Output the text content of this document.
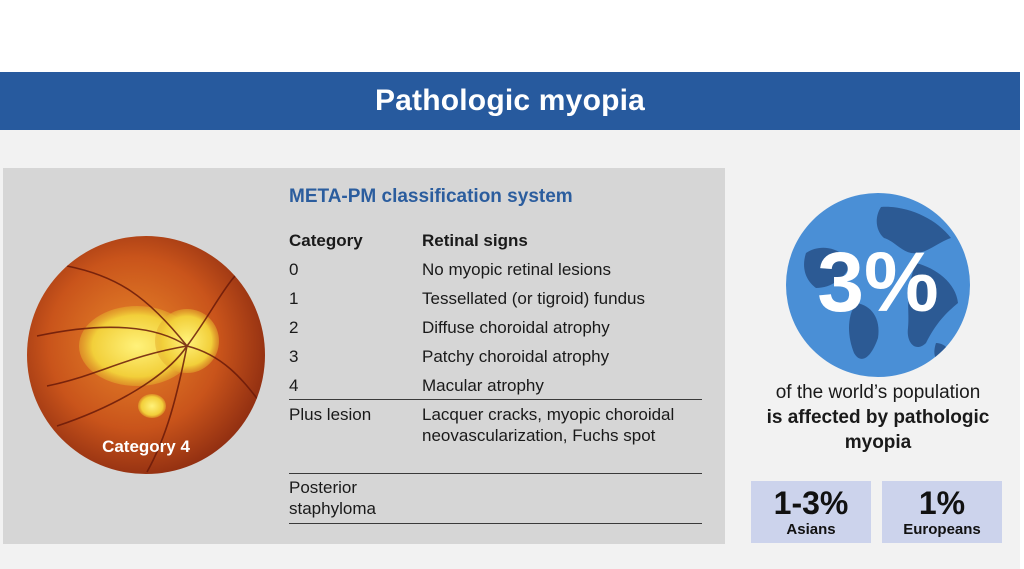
Pathologic myopia
Category 4
META-PM classification system
Category	Retinal signs
0	No myopic retinal lesions
1	Tessellated (or tigroid) fundus
2	Diffuse choroidal atrophy
3	Patchy choroidal atrophy
4	Macular atrophy
Plus lesion	Lacquer cracks, myopic choroidal neovascularization, Fuchs spot
Posterior staphyloma
3%
of the world’s population
is affected by pathologic myopia
1-3%
Asians
1%
Europeans
